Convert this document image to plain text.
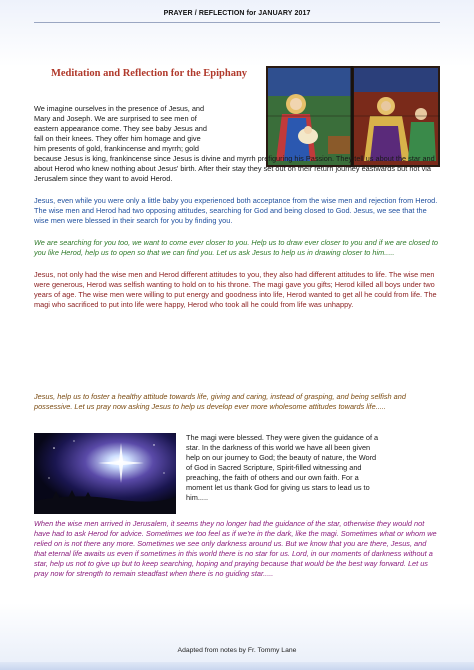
PRAYER / REFLECTION for JANUARY 2017
Meditation and Reflection for the Epiphany

We imagine ourselves in the presence of Jesus, and

Mary and Joseph. We are surprised to see men of

eastern appearance come. They see baby Jesus and

fall on their knees. They offer him homage and give

him presents of gold, frankincense and myrrh; gold

because Jesus is king, frankincense since Jesus is divine and myrrh prefiguring his Passion. They tell us about the star and about Herod who knew nothing about Jesus' birth. After their stay they set out on their return journey eastwards but not via Jerusalem since they want to avoid Herod.

Jesus, even while you were only a little baby you experienced both acceptance from the wise men and rejection from Herod. The wise men and Herod had two opposing attitudes, searching for God and being closed to God. Jesus, we see that the wise men were blessed in their search for you by finding you.

We are searching for you too, we want to come ever closer to you. Help us to draw ever closer to you and if we are closed to you like Herod, help us to open so that we can find you. Let us ask Jesus to help us in drawing closer to him.....

Jesus, not only had the wise men and Herod different attitudes to you, they also had different attitudes to life. The wise men were generous, Herod was selfish wanting to hold on to his throne. The magi gave you gifts; Herod killed all boys under two years of age. The wise men were willing to put energy and goodness into life, Herod wanted to get all he could from life. The magi who sacrificed to put into life were happy, Herod who took all he could from life was unhappy.

Jesus, help us to foster a healthy attitude towards life, giving and caring, instead of grasping, and being selfish and possessive. Let us pray now asking Jesus to help us develop ever more wholesome attitudes towards life.....

The magi were blessed. They were given the guidance of a

star. In the darkness of this world we have all been given

help on our journey to God; the beauty of nature, the Word

of God in Sacred Scripture, Spirit-filled witnessing and

preaching, the faith of others and our own faith. For a

moment let us thank God for giving us stars to lead us to

him.....

When the wise men arrived in Jerusalem, it seems they no longer had the guidance of the star, otherwise they would not have had to ask Herod for advice. Sometimes we too feel as if we're in the dark, like the magi. Sometimes what or whom we relied on is not there any more. Sometimes we see only darkness around us. But we know that you are there, Jesus, and that eternal life awaits us even if sometimes in this world there is no star for us. Lord, in our moments of darkness without a star, help us not to give up but to keep searching, hoping and praying because that would be the best way forward. Let us pray now for strength to remain steadfast when there is no guiding star.....

Adapted from notes by Fr. Tommy Lane
